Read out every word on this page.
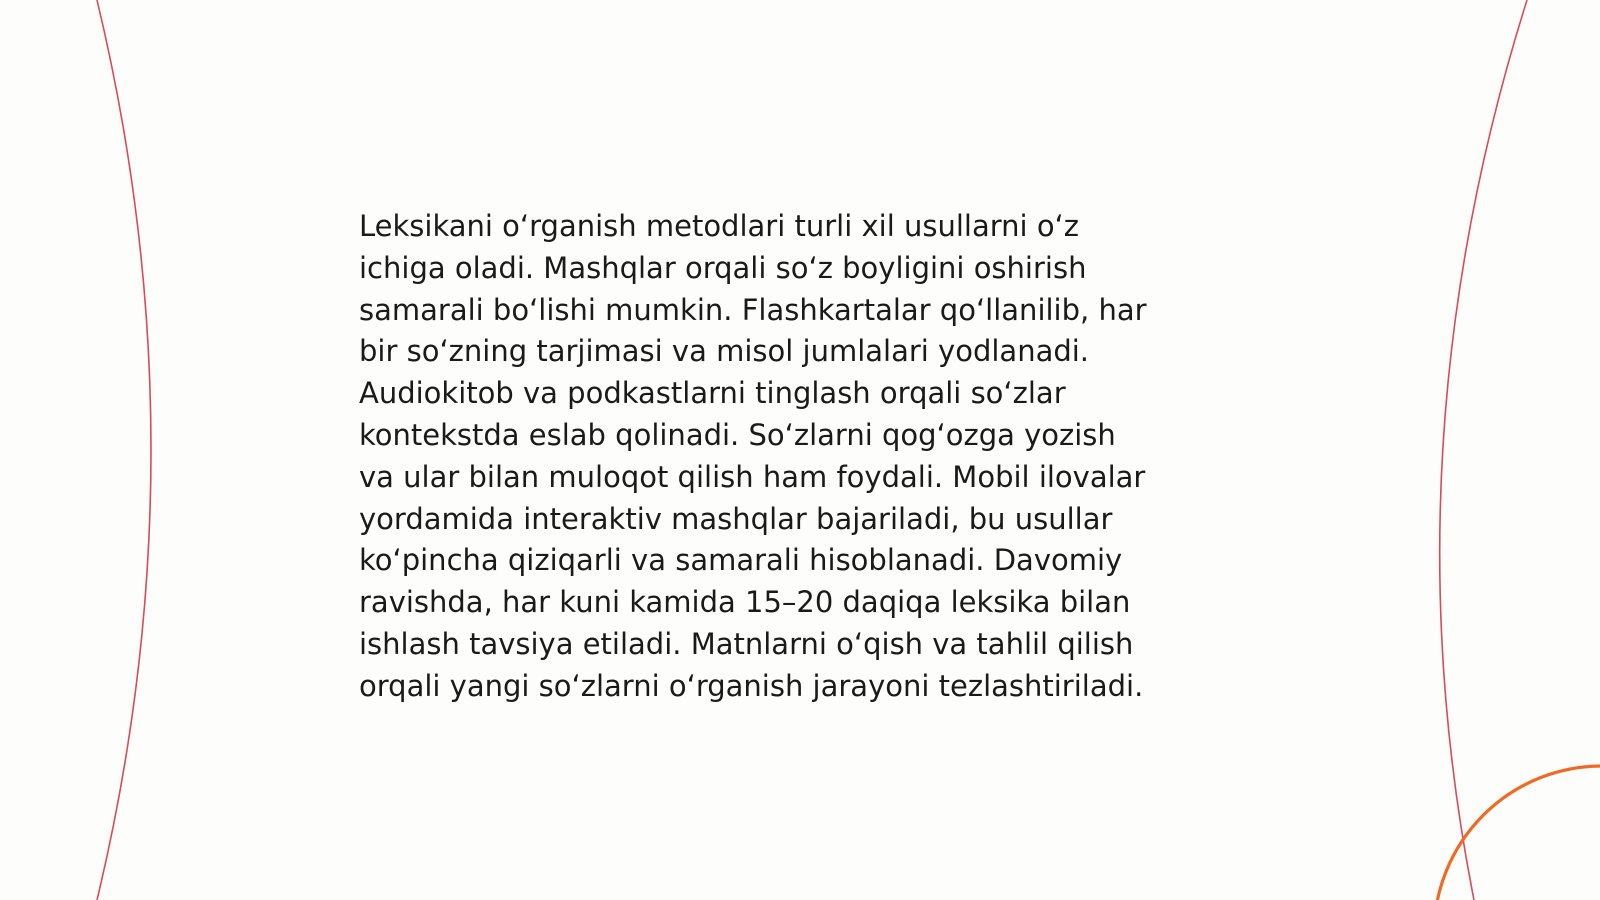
Leksikani o‘rganish metodlari turli xil usullarni o‘z
ichiga oladi. Mashqlar orqali so‘z boyligini oshirish
samarali bo‘lishi mumkin. Flashkartalar qo‘llanilib, har
bir so‘zning tarjimasi va misol jumlalari yodlanadi.
Audiokitob va podkastlarni tinglash orqali so‘zlar
kontekstda eslab qolinadi. So‘zlarni qog‘ozga yozish
va ular bilan muloqot qilish ham foydali. Mobil ilovalar
yordamida interaktiv mashqlar bajariladi, bu usullar
ko‘pincha qiziqarli va samarali hisoblanadi. Davomiy
ravishda, har kuni kamida 15–20 daqiqa leksika bilan
ishlash tavsiya etiladi. Matnlarni o‘qish va tahlil qilish
orqali yangi so‘zlarni o‘rganish jarayoni tezlashtiriladi.
